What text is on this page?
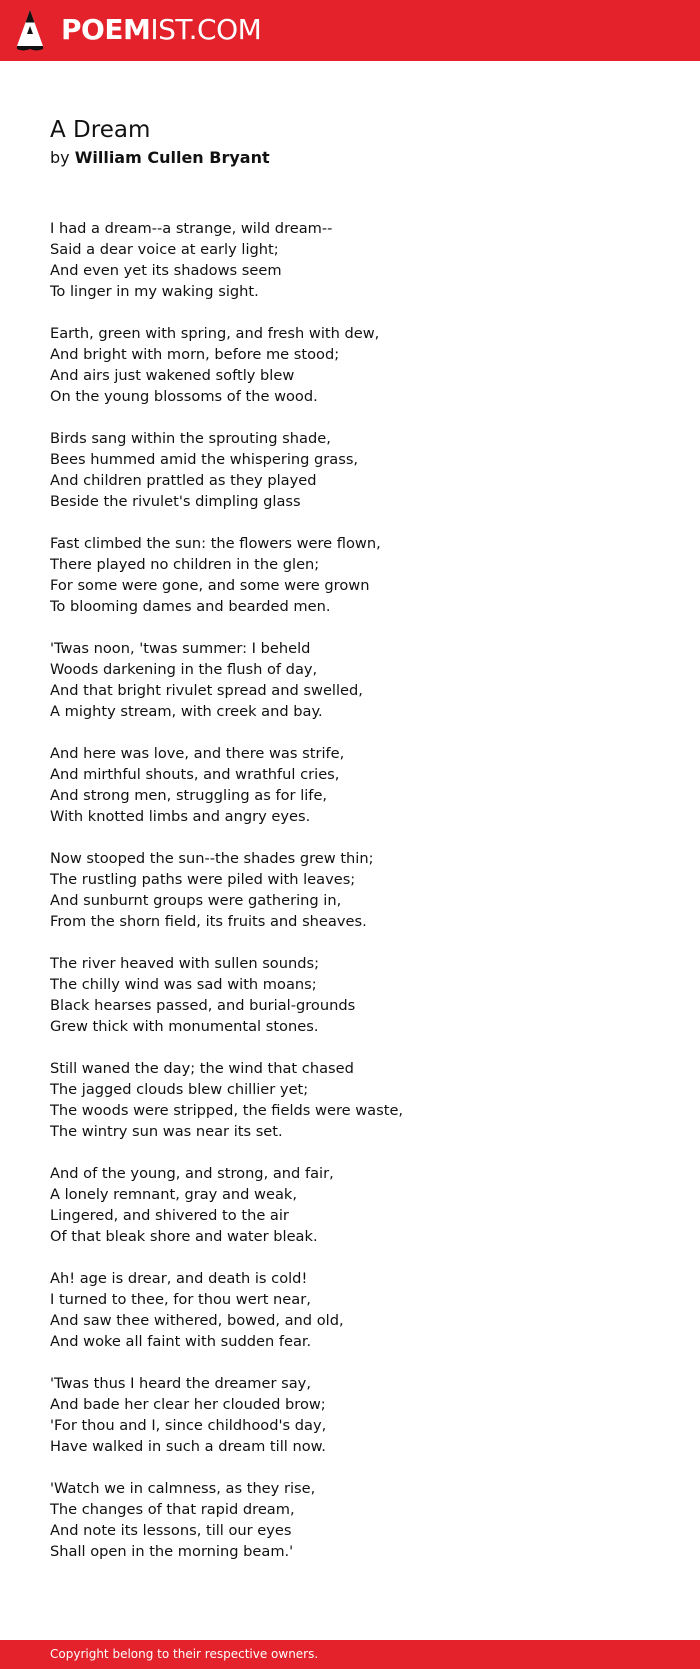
POEMIST.COM
A Dream
by William Cullen Bryant
I had a dream--a strange, wild dream--
Said a dear voice at early light;
And even yet its shadows seem
To linger in my waking sight.
Earth, green with spring, and fresh with dew,
And bright with morn, before me stood;
And airs just wakened softly blew
On the young blossoms of the wood.
Birds sang within the sprouting shade,
Bees hummed amid the whispering grass,
And children prattled as they played
Beside the rivulet's dimpling glass
Fast climbed the sun: the flowers were flown,
There played no children in the glen;
For some were gone, and some were grown
To blooming dames and bearded men.
'Twas noon, 'twas summer: I beheld
Woods darkening in the flush of day,
And that bright rivulet spread and swelled,
A mighty stream, with creek and bay.
And here was love, and there was strife,
And mirthful shouts, and wrathful cries,
And strong men, struggling as for life,
With knotted limbs and angry eyes.
Now stooped the sun--the shades grew thin;
The rustling paths were piled with leaves;
And sunburnt groups were gathering in,
From the shorn field, its fruits and sheaves.
The river heaved with sullen sounds;
The chilly wind was sad with moans;
Black hearses passed, and burial-grounds
Grew thick with monumental stones.
Still waned the day; the wind that chased
The jagged clouds blew chillier yet;
The woods were stripped, the fields were waste,
The wintry sun was near its set.
And of the young, and strong, and fair,
A lonely remnant, gray and weak,
Lingered, and shivered to the air
Of that bleak shore and water bleak.
Ah! age is drear, and death is cold!
I turned to thee, for thou wert near,
And saw thee withered, bowed, and old,
And woke all faint with sudden fear.
'Twas thus I heard the dreamer say,
And bade her clear her clouded brow;
'For thou and I, since childhood's day,
Have walked in such a dream till now.
'Watch we in calmness, as they rise,
The changes of that rapid dream,
And note its lessons, till our eyes
Shall open in the morning beam.'
Copyright belong to their respective owners.
